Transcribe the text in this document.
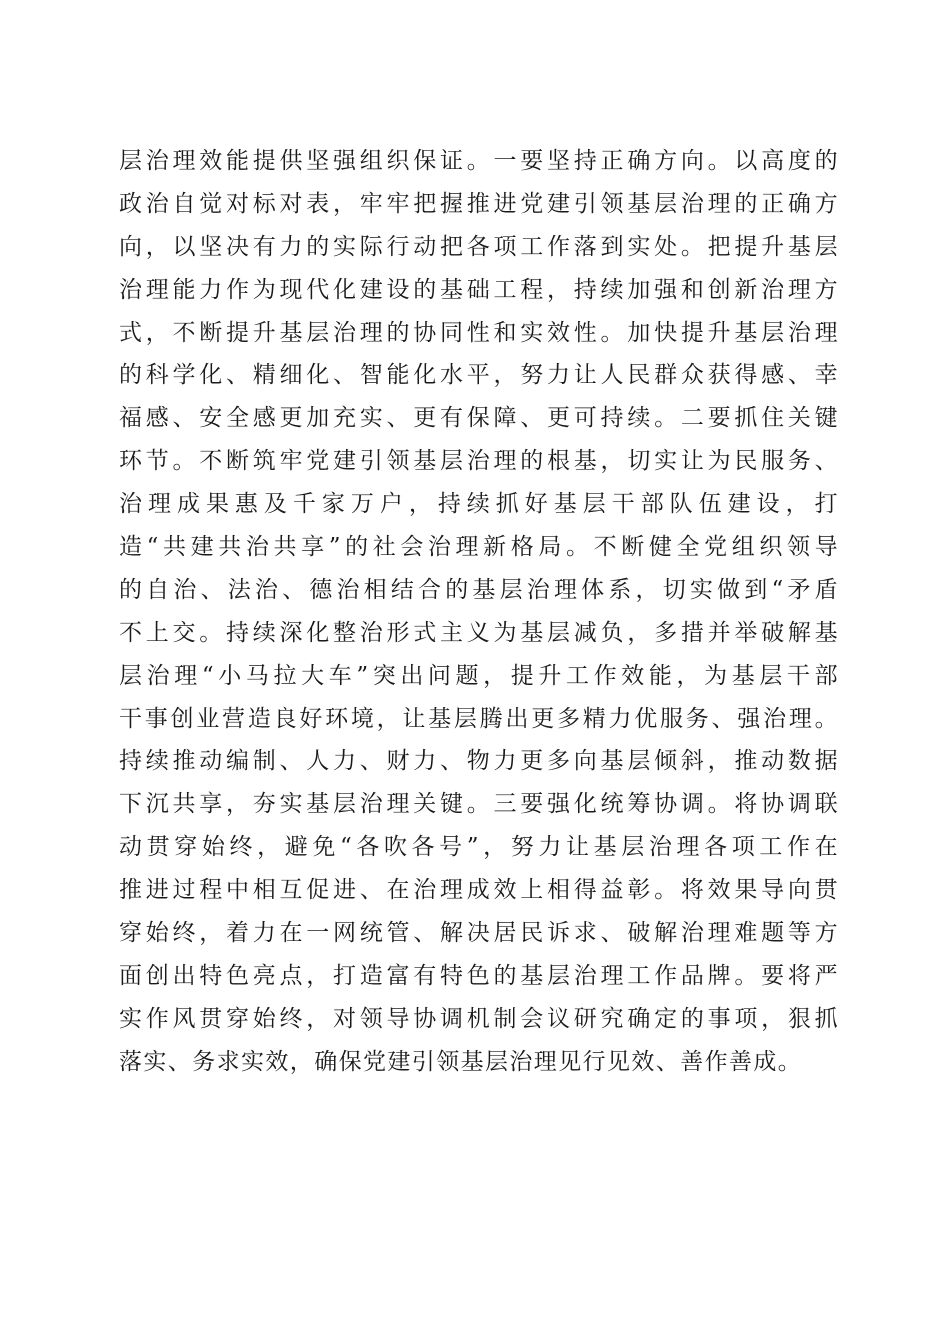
层治理效能提供坚强组织保证。一要坚持正确方向。以高度的
政治自觉对标对表，牢牢把握推进党建引领基层治理的正确方
向，以坚决有力的实际行动把各项工作落到实处。把提升基层
治理能力作为现代化建设的基础工程，持续加强和创新治理方
式，不断提升基层治理的协同性和实效性。加快提升基层治理
的科学化、精细化、智能化水平，努力让人民群众获得感、幸
福感、安全感更加充实、更有保障、更可持续。二要抓住关键
环节。不断筑牢党建引领基层治理的根基，切实让为民服务、
治理成果惠及千家万户，持续抓好基层干部队伍建设，打
造“共建共治共享”的社会治理新格局。不断健全党组织领导
的自治、法治、德治相结合的基层治理体系，切实做到“矛盾
不上交。持续深化整治形式主义为基层减负，多措并举破解基
层治理“小马拉大车”突出问题，提升工作效能，为基层干部
干事创业营造良好环境，让基层腾出更多精力优服务、强治理。
持续推动编制、人力、财力、物力更多向基层倾斜，推动数据
下沉共享，夯实基层治理关键。三要强化统筹协调。将协调联
动贯穿始终，避免“各吹各号”，努力让基层治理各项工作在
推进过程中相互促进、在治理成效上相得益彰。将效果导向贯
穿始终，着力在一网统管、解决居民诉求、破解治理难题等方
面创出特色亮点，打造富有特色的基层治理工作品牌。要将严
实作风贯穿始终，对领导协调机制会议研究确定的事项，狠抓
落实、务求实效，确保党建引领基层治理见行见效、善作善成。
